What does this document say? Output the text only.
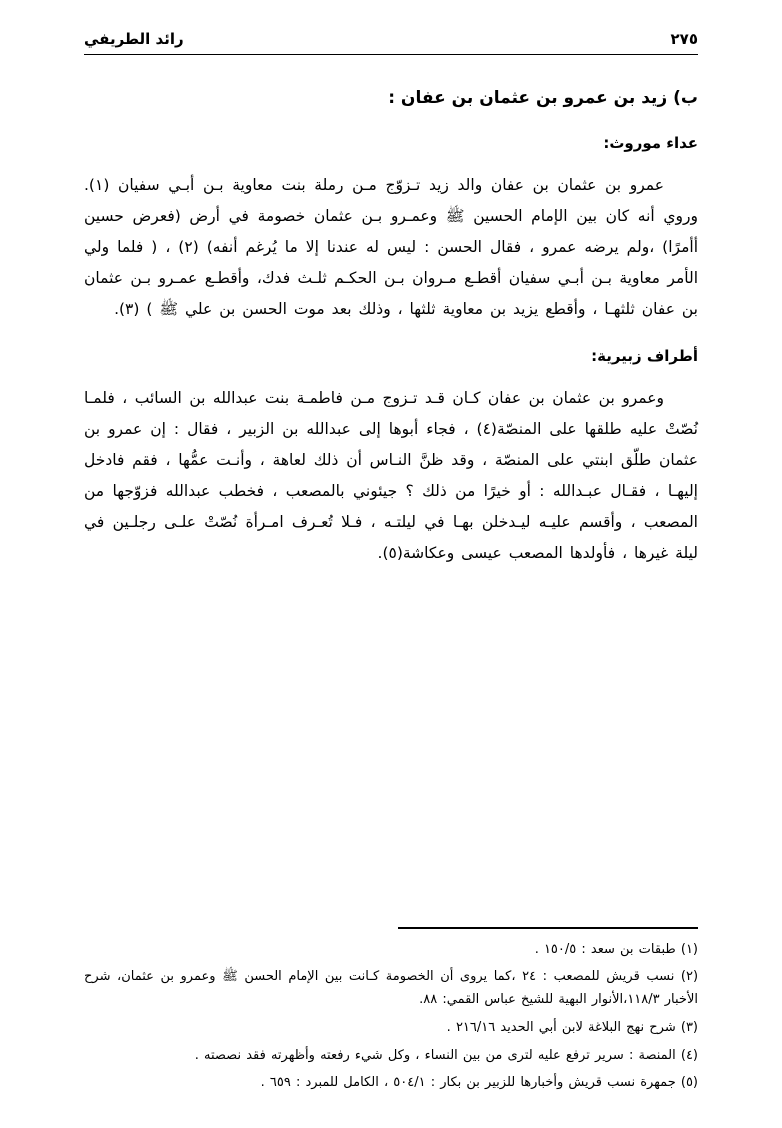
رائد الطريفي	٢٧٥
ب) زيد بن عمرو بن عثمان بن عفان :
عداء موروث:

عمرو بن عثمان بن عفان والد زيد تـزوّج مـن رملة بنت معاوية بـن أبـي سفيان (١). وروي أنه كان بين الإمام الحسين ﷺ وعمـرو بـن عثمان خصومة في أرض (فعرض حسين أأمرًا) ،ولم يرضه عمرو ، فقال الحسن : ليس له عندنا إلا ما يُرغم أنفه) (٢) ، ( فلما ولي الأمر معاوية بـن أبـي سفيان أقطـع مـروان بـن الحكـم ثلـث فدك، وأقطـع عمـرو بـن عثمان بن عفان ثلثهـا ، وأقطع يزيد بن معاوية ثلثها ، وذلك بعد موت الحسن بن علي ﷺ ) (٣).

أطراف زبيرية:

وعمرو بن عثمان بن عفان كـان قـد تـزوج مـن فاطمـة بنت عبدالله بن السائب ، فلمـا نُصّتْ عليه طلقها على المنصّة(٤) ، فجاء أبوها إلى عبدالله بن الزبير ، فقال : إن عمرو بن عثمان طلّق ابنتي على المنصّة ، وقد ظنَّ النـاس أن ذلك لعاهة ، وأنـت عمُّها ، فقم فادخل إليهـا ، فقـال عبـدالله : أو خيرًا من ذلك ؟ جيئوني بالمصعب ، فخطب عبدالله فزوّجها من المصعب ، وأقسم عليـه ليـدخلن بهـا في ليلتـه ، فـلا تُعـرف امـرأة نُصّتْ علـى رجلـين في ليلة غيرها ، فأولدها المصعب عيسى وعكاشة(٥).

(١) طبقات بن سعد : ١٥٠/٥ .

(٢) نسب قريش للمصعب : ٢٤ ،كما يروى أن الخصومة كـانت بين الإمام الحسن ﷺ وعمرو بن عثمان، شرح الأخبار ١١٨/٣،الأنوار البهية للشيخ عباس القمي: ٨٨.

(٣) شرح نهج البلاغة لابن أبي الحديد ٢١٦/١٦ .

(٤) المنصة : سرير ترفع عليه لترى من بين النساء ، وكل شيء رفعته وأظهرته فقد نصصته .

(٥) جمهرة نسب قريش وأخبارها للزبير بن بكار : ٥٠٤/١ ، الكامل للمبرد : ٦٥٩ .
